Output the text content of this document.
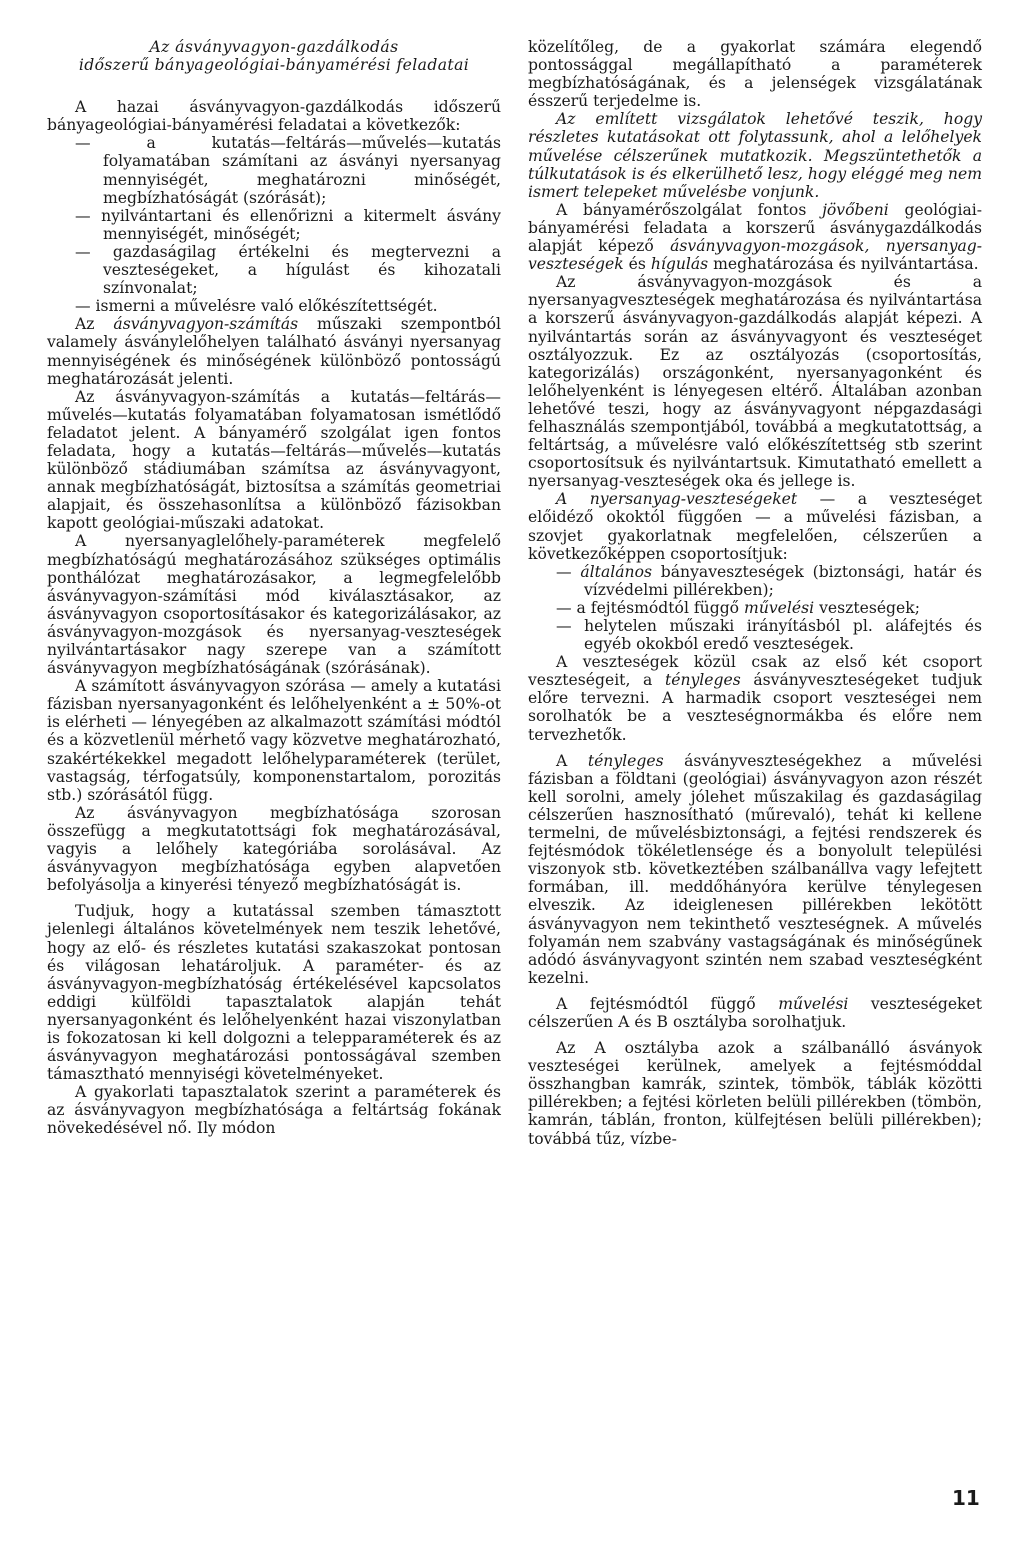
Az ásványvagyon-gazdálkodás
időszerű bányageológiai-bányamérési feladatai

A hazai ásványvagyon-gazdálkodás időszerű bányageológiai-bányamérési feladatai a következők:

— a kutatás—feltárás—művelés—kutatás folyamatában számítani az ásványi nyersanyag mennyiségét, meghatározni minőségét, megbízhatóságát (szórását);

— nyilvántartani és ellenőrizni a kitermelt ásvány mennyiségét, minőségét;

— gazdaságilag értékelni és megtervezni a veszteségeket, a hígulást és kihozatali színvonalat;

— ismerni a művelésre való előkészítettségét.

Az ásványvagyon-számítás műszaki szempontból valamely ásványlelőhelyen található ásványi nyersanyag mennyiségének és minőségének különböző pontosságú meghatározását jelenti.

Az ásványvagyon-számítás a kutatás—feltárás—művelés—kutatás folyamatában folyamatosan ismétlődő feladatot jelent. A bányamérő szolgálat igen fontos feladata, hogy a kutatás—feltárás—művelés—kutatás különböző stádiumában számítsa az ásványvagyont, annak megbízhatóságát, biztosítsa a számítás geometriai alapjait, és összehasonlítsa a különböző fázisokban kapott geológiai-műszaki adatokat.

A nyersanyaglelőhely-paraméterek megfelelő megbízhatóságú meghatározásához szükséges optimális ponthálózat meghatározásakor, a legmegfelelőbb ásványvagyon-számítási mód kiválasztásakor, az ásványvagyon csoportosításakor és kategorizálásakor, az ásványvagyon-mozgások és nyersanyag-veszteségek nyilvántartásakor nagy szerepe van a számított ásványvagyon megbízhatóságának (szórásának).

A számított ásványvagyon szórása — amely a kutatási fázisban nyersanyagonként és lelőhelyenként a ± 50%-ot is elérheti — lényegében az alkalmazott számítási módtól és a közvetlenül mérhető vagy közvetve meghatározható, szakértékekkel megadott lelőhelyparaméterek (terület, vastagság, térfogatsúly, komponenstartalom, porozitás stb.) szórásától függ.

Az ásványvagyon megbízhatósága szorosan összefügg a megkutatottsági fok meghatározásával, vagyis a lelőhely kategóriába sorolásával. Az ásványvagyon megbízhatósága egyben alapvetően befolyásolja a kinyerési tényező megbízhatóságát is.

Tudjuk, hogy a kutatással szemben támasztott jelenlegi általános követelmények nem teszik lehetővé, hogy az elő- és részletes kutatási szakaszokat pontosan és világosan lehatároljuk. A paraméter- és az ásványvagyon-megbízhatóság értékelésével kapcsolatos eddigi külföldi tapasztalatok alapján tehát nyersanyagonként és lelőhelyenként hazai viszonylatban is fokozatosan ki kell dolgozni a telepparaméterek és az ásványvagyon meghatározási pontosságával szemben támasztható mennyiségi követelményeket.

A gyakorlati tapasztalatok szerint a paraméterek és az ásványvagyon megbízhatósága a feltártság fokának növekedésével nő. Ily módon

közelítőleg, de a gyakorlat számára elegendő pontossággal megállapítható a paraméterek megbízhatóságának, és a jelenségek vizsgálatának ésszerű terjedelme is.

Az említett vizsgálatok lehetővé teszik, hogy részletes kutatásokat ott folytassunk, ahol a lelőhelyek művelése célszerűnek mutatkozik. Megszüntethetők a túlkutatások is és elkerülhető lesz, hogy eléggé meg nem ismert telepeket művelésbe vonjunk.

A bányamérőszolgálat fontos jövőbeni geológiai-bányamérési feladata a korszerű ásványgazdálkodás alapját képező ásványvagyon-mozgások, nyersanyag-veszteségek és hígulás meghatározása és nyilvántartása.

Az ásványvagyon-mozgások és a nyersanyagveszteségek meghatározása és nyilvántartása a korszerű ásványvagyon-gazdálkodás alapját képezi. A nyilvántartás során az ásványvagyont és veszteséget osztályozzuk. Ez az osztályozás (csoportosítás, kategorizálás) országonként, nyersanyagonként és lelőhelyenként is lényegesen eltérő. Általában azonban lehetővé teszi, hogy az ásványvagyont népgazdasági felhasználás szempontjából, továbbá a megkutatottság, a feltártság, a művelésre való előkészítettség stb szerint csoportosítsuk és nyilvántartsuk. Kimutatható emellett a nyersanyag-veszteségek oka és jellege is.

A nyersanyag-veszteségeket — a veszteséget előidéző okoktól függően — a művelési fázisban, a szovjet gyakorlatnak megfelelően, célszerűen a következőképpen csoportosítjuk:

— általános bányaveszteségek (biztonsági, határ és vízvédelmi pillérekben);

— a fejtésmódtól függő művelési veszteségek;

— helytelen műszaki irányításból pl. aláfejtés és egyéb okokból eredő veszteségek.

A veszteségek közül csak az első két csoport veszteségeit, a tényleges ásványveszteségeket tudjuk előre tervezni. A harmadik csoport veszteségei nem sorolhatók be a veszteségnormákba és előre nem tervezhetők.

A tényleges ásványveszteségekhez a művelési fázisban a földtani (geológiai) ásványvagyon azon részét kell sorolni, amely jólehet műszakilag és gazdaságilag célszerűen hasznosítható (műrevaló), tehát ki kellene termelni, de művelésbiztonsági, a fejtési rendszerek és fejtésmódok tökéletlensége és a bonyolult települési viszonyok stb. következtében szálbanállva vagy lefejtett formában, ill. meddőhányóra kerülve ténylegesen elveszik. Az ideiglenesen pillérekben lekötött ásványvagyon nem tekinthető veszteségnek. A művelés folyamán nem szabvány vastagságának és minőségűnek adódó ásványvagyont szintén nem szabad veszteségként kezelni.

A fejtésmódtól függő művelési veszteségeket célszerűen A és B osztályba sorolhatjuk.

Az A osztályba azok a szálbanálló ásványok veszteségei kerülnek, amelyek a fejtésmóddal összhangban kamrák, szintek, tömbök, táblák közötti pillérekben; a fejtési körleten belüli pillérekben (tömbön, kamrán, táblán, fronton, külfejtésen belüli pillérekben); továbbá tűz, vízbe-

11
